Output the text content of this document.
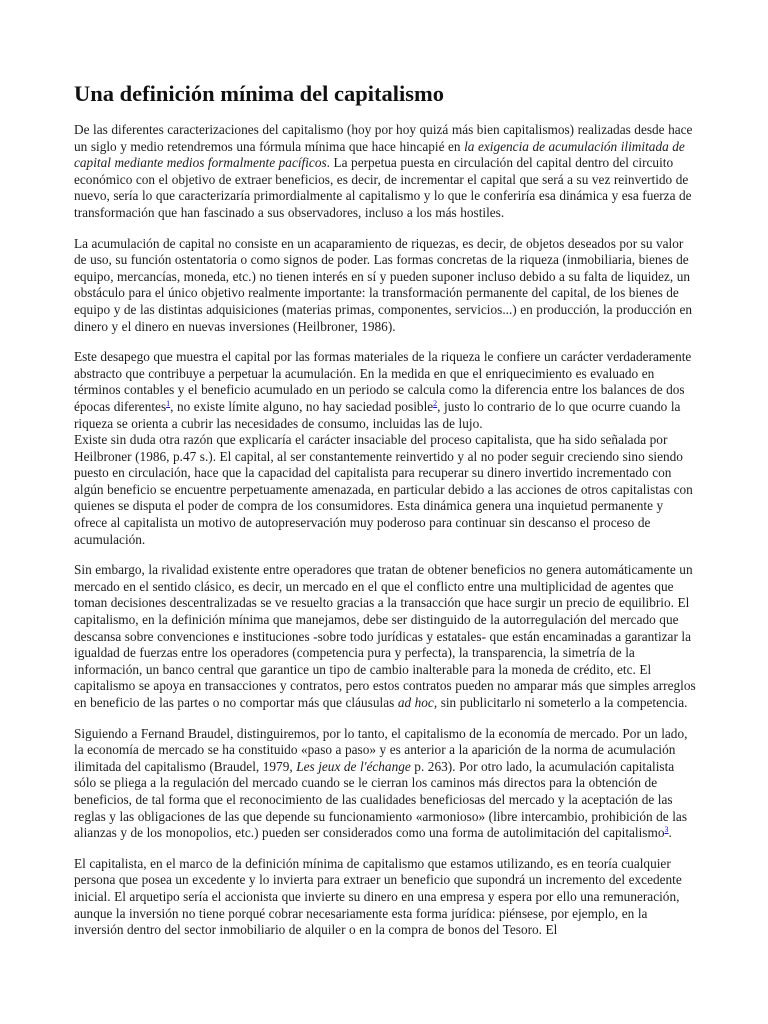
Una definición mínima del capitalismo

De las diferentes caracterizaciones del capitalismo (hoy por hoy quizá más bien capitalismos) realizadas desde hace un siglo y medio retendremos una fórmula mínima que hace hincapié en la exigencia de acumulación ilimitada de capital mediante medios formalmente pacíficos. La perpetua puesta en circulación del capital dentro del circuito económico con el objetivo de extraer beneficios, es decir, de incrementar el capital que será a su vez reinvertido de nuevo, sería lo que caracterizaría primordialmente al capitalismo y lo que le conferiría esa dinámica y esa fuerza de transformación que han fascinado a sus observadores, incluso a los más hostiles.

La acumulación de capital no consiste en un acaparamiento de riquezas, es decir, de objetos deseados por su valor de uso, su función ostentatoria o como signos de poder. Las formas concretas de la riqueza (inmobiliaria, bienes de equipo, mercancías, moneda, etc.) no tienen interés en sí y pueden suponer incluso debido a su falta de liquidez, un obstáculo para el único objetivo realmente importante: la transformación permanente del capital, de los bienes de equipo y de las distintas adquisiciones (materias primas, componentes, servicios...) en producción, la producción en dinero y el dinero en nuevas inversiones (Heilbroner, 1986).

Este desapego que muestra el capital por las formas materiales de la riqueza le confiere un carácter verdaderamente abstracto que contribuye a perpetuar la acumulación. En la medida en que el enriquecimiento es evaluado en términos contables y el beneficio acumulado en un periodo se calcula como la diferencia entre los balances de dos épocas diferentes$^1$, no existe límite alguno, no hay saciedad posible$^2$, justo lo contrario de lo que ocurre cuando la riqueza se orienta a cubrir las necesidades de consumo, incluidas las de lujo.

Existe sin duda otra razón que explicaría el carácter insaciable del proceso capitalista, que ha sido señalada por Heilbroner (1986, p.47 s.). El capital, al ser constantemente reinvertido y al no poder seguir creciendo sino siendo puesto en circulación, hace que la capacidad del capitalista para recuperar su dinero invertido incrementado con algún beneficio se encuentre perpetuamente amenazada, en particular debido a las acciones de otros capitalistas con quienes se disputa el poder de compra de los consumidores. Esta dinámica genera una inquietud permanente y ofrece al capitalista un motivo de autopreservación muy poderoso para continuar sin descanso el proceso de acumulación.

Sin embargo, la rivalidad existente entre operadores que tratan de obtener beneficios no genera automáticamente un mercado en el sentido clásico, es decir, un mercado en el que el conflicto entre una multiplicidad de agentes que toman decisiones descentralizadas se ve resuelto gracias a la transacción que hace surgir un precio de equilibrio. El capitalismo, en la definición mínima que manejamos, debe ser distinguido de la autorregulación del mercado que descansa sobre convenciones e instituciones -sobre todo jurídicas y estatales- que están encaminadas a garantizar la igualdad de fuerzas entre los operadores (competencia pura y perfecta), la transparencia, la simetría de la información, un banco central que garantice un tipo de cambio inalterable para la moneda de crédito, etc. El capitalismo se apoya en transacciones y contratos, pero estos contratos pueden no amparar más que simples arreglos en beneficio de las partes o no comportar más que cláusulas ad hoc, sin publicitarlo ni someterlo a la competencia.

Siguiendo a Fernand Braudel, distinguiremos, por lo tanto, el capitalismo de la economía de mercado. Por un lado, la economía de mercado se ha constituido «paso a paso» y es anterior a la aparición de la norma de acumulación ilimitada del capitalismo (Braudel, 1979, Les jeux de l'échange p. 263). Por otro lado, la acumulación capitalista sólo se pliega a la regulación del mercado cuando se le cierran los caminos más directos para la obtención de beneficios, de tal forma que el reconocimiento de las cualidades beneficiosas del mercado y la aceptación de las reglas y las obligaciones de las que depende su funcionamiento «armonioso» (libre intercambio, prohibición de las alianzas y de los monopolios, etc.) pueden ser considerados como una forma de autolimitación del capitalismo$^3$.

El capitalista, en el marco de la definición mínima de capitalismo que estamos utilizando, es en teoría cualquier persona que posea un excedente y lo invierta para extraer un beneficio que supondrá un incremento del excedente inicial. El arquetipo sería el accionista que invierte su dinero en una empresa y espera por ello una remuneración, aunque la inversión no tiene porqué cobrar necesariamente esta forma jurídica: piénsese, por ejemplo, en la inversión dentro del sector inmobiliario de alquiler o en la compra de bonos del Tesoro. El
